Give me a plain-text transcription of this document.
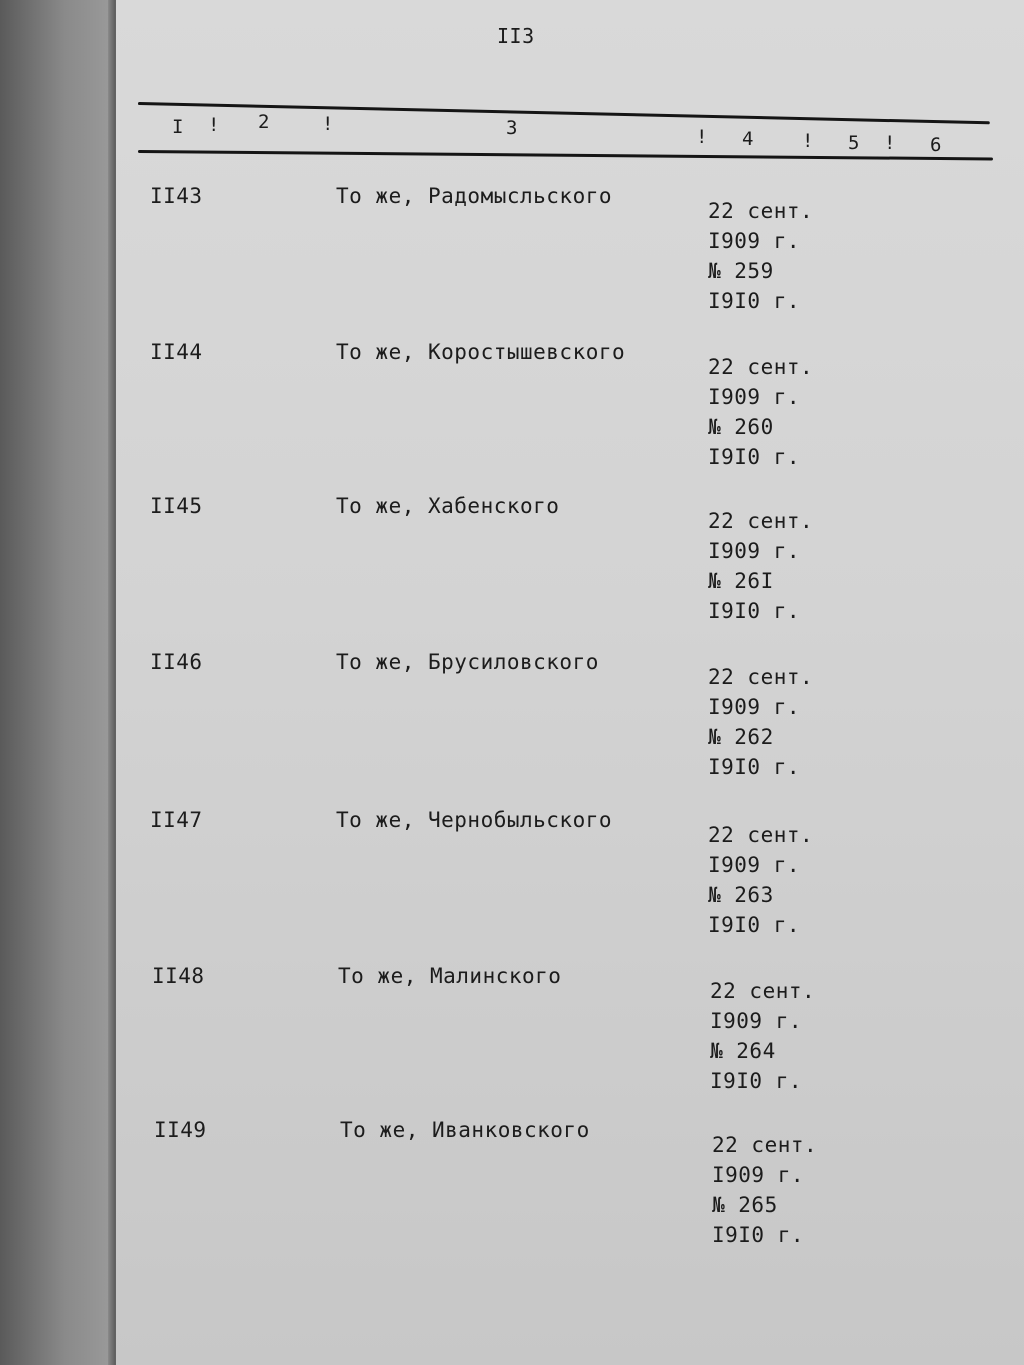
II3
I ! 2	!	3	! 4	! 5 ! 6
II43	То же, Радомысльского
22 сент.
I909 г.
№ 259
I9I0 г.
II44	То же, Коростышевского
22 сент.
I909 г.
№ 260
I9I0 г.
II45	То же, Хабенского
22 сент.
I909 г.
№ 26I
I9I0 г.
II46	То же, Брусиловского
22 сент.
I909 г.
№ 262
I9I0 г.
II47	То же, Чернобыльского
22 сент.
I909 г.
№ 263
I9I0 г.
II48	То же, Малинского
22 сент.
I909 г.
№ 264
I9I0 г.
II49	То же, Иванковского
22 сент.
I909 г.
№ 265
I9I0 г.
